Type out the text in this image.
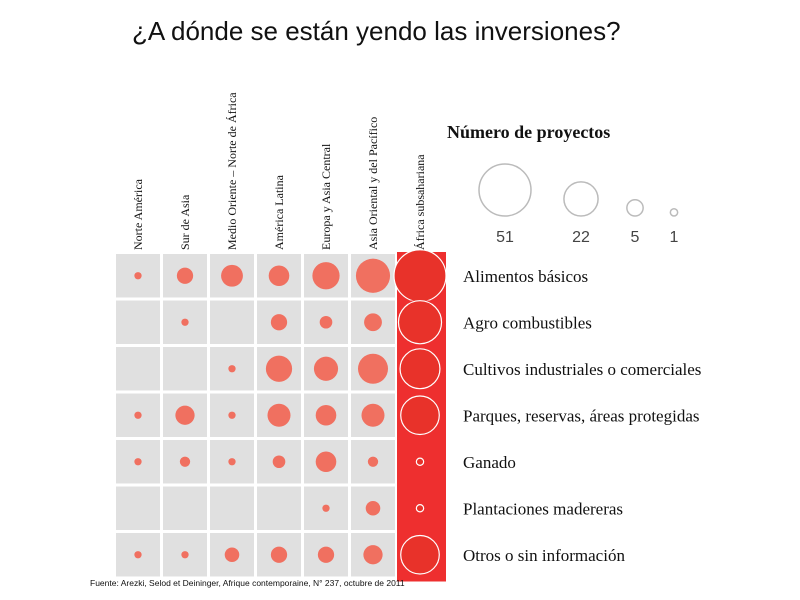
¿A dónde se están yendo las inversiones?
Norte América	Sur de Asia	Medio Oriente – Norte de África	América Latina	Europa y Asia Central	Asia Oriental y del Pacífico	África subsahariana
Alimentos básicos
Agro combustibles
Cultivos industriales o comerciales
Parques, reservas, áreas protegidas
Ganado
Plantaciones madereras
Otros o sin información
Número de proyectos
51	22	5 1
Fuente: Arezki, Selod et Deininger, Afrique contemporaine, N° 237, octubre de 2011
